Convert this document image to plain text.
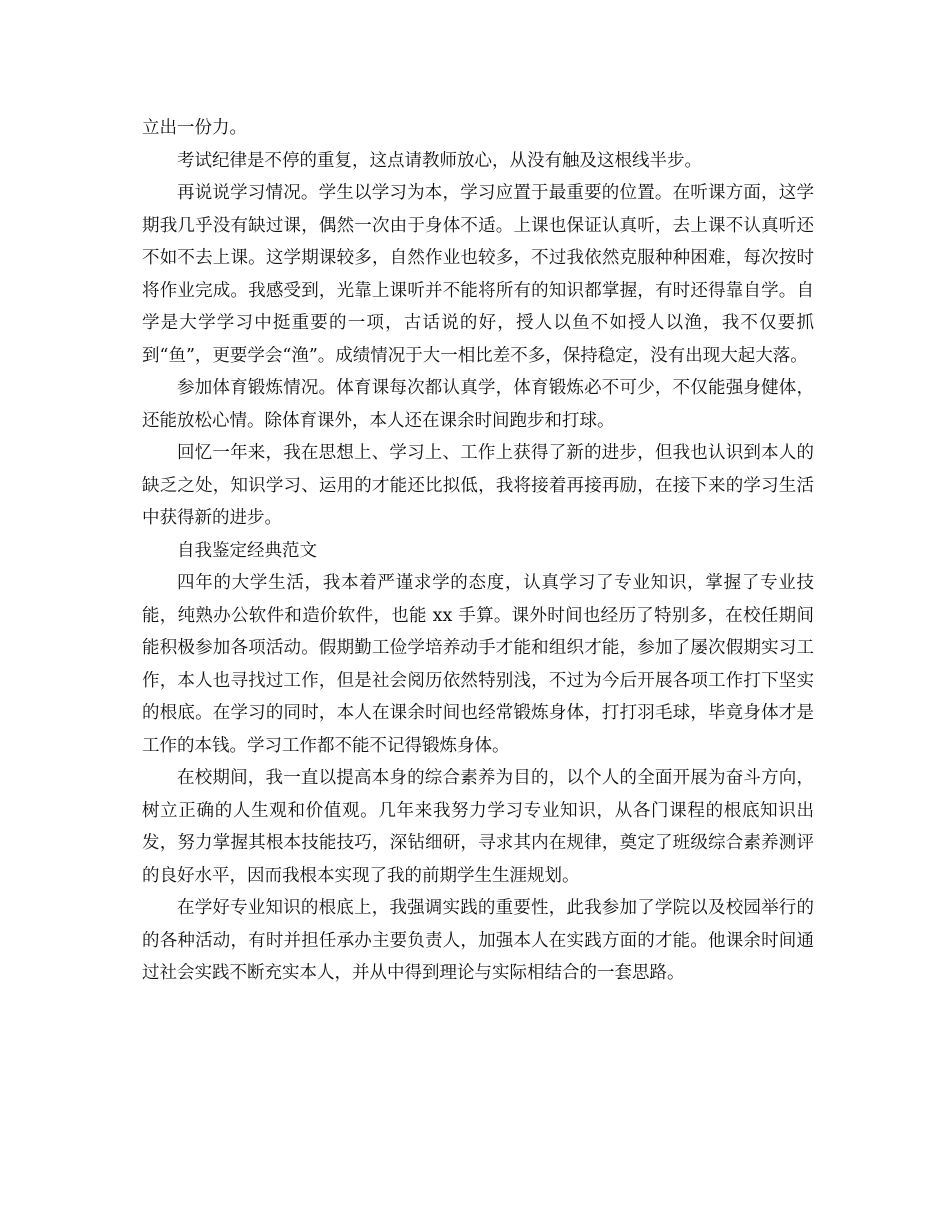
立出一份力。

考试纪律是不停的重复，这点请教师放心，从没有触及这根线半步。

再说说学习情况。学生以学习为本，学习应置于最重要的位置。在听课方面，这学期我几乎没有缺过课，偶然一次由于身体不适。上课也保证认真听，去上课不认真听还不如不去上课。这学期课较多，自然作业也较多，不过我依然克服种种困难，每次按时将作业完成。我感受到，光靠上课听并不能将所有的知识都掌握，有时还得靠自学。自学是大学学习中挺重要的一项，古话说的好，授人以鱼不如授人以渔，我不仅要抓到“鱼”，更要学会“渔”。成绩情况于大一相比差不多，保持稳定，没有出现大起大落。

参加体育锻炼情况。体育课每次都认真学，体育锻炼必不可少，不仅能强身健体，还能放松心情。除体育课外，本人还在课余时间跑步和打球。

回忆一年来，我在思想上、学习上、工作上获得了新的进步，但我也认识到本人的缺乏之处，知识学习、运用的才能还比拟低，我将接着再接再励，在接下来的学习生活中获得新的进步。

自我鉴定经典范文

四年的大学生活，我本着严谨求学的态度，认真学习了专业知识，掌握了专业技能，纯熟办公软件和造价软件，也能 xx 手算。课外时间也经历了特别多，在校任期间能积极参加各项活动。假期勤工俭学培养动手才能和组织才能，参加了屡次假期实习工作，本人也寻找过工作，但是社会阅历依然特别浅，不过为今后开展各项工作打下坚实的根底。在学习的同时，本人在课余时间也经常锻炼身体，打打羽毛球，毕竟身体才是工作的本钱。学习工作都不能不记得锻炼身体。

在校期间，我一直以提高本身的综合素养为目的，以个人的全面开展为奋斗方向，树立正确的人生观和价值观。几年来我努力学习专业知识，从各门课程的根底知识出发，努力掌握其根本技能技巧，深钻细研，寻求其内在规律，奠定了班级综合素养测评的良好水平，因而我根本实现了我的前期学生生涯规划。

在学好专业知识的根底上，我强调实践的重要性，此我参加了学院以及校园举行的的各种活动，有时并担任承办主要负责人，加强本人在实践方面的才能。他课余时间通过社会实践不断充实本人，并从中得到理论与实际相结合的一套思路。
